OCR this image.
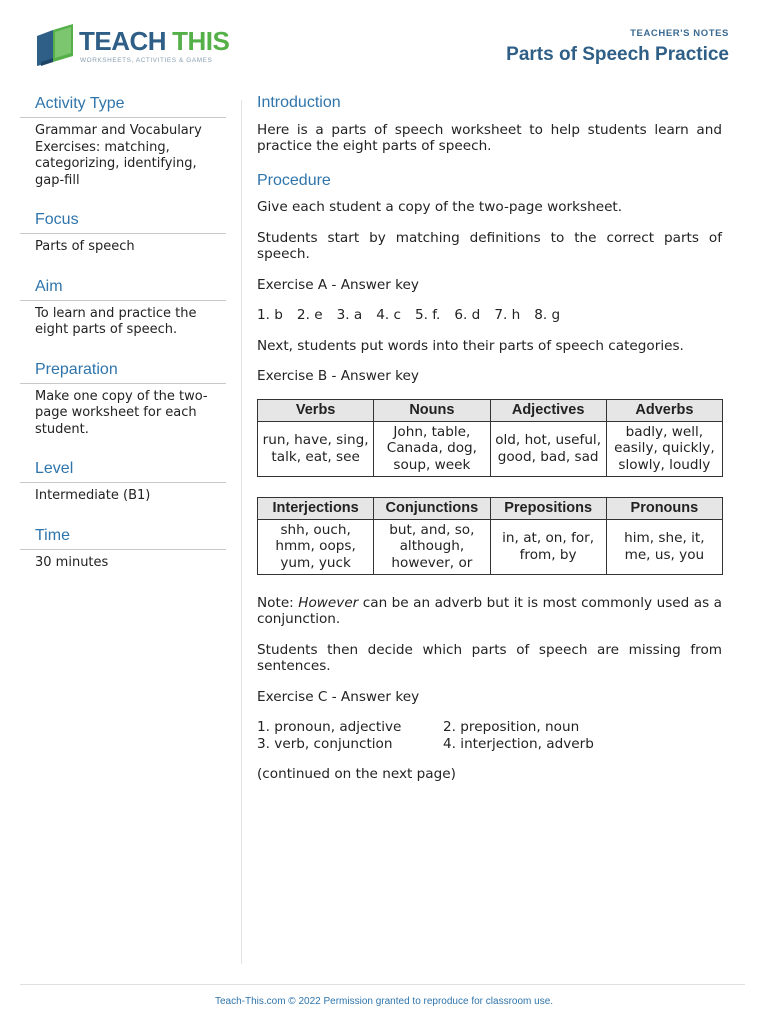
TEACH THIS
WORKSHEETS, ACTIVITIES & GAMES
TEACHER'S NOTES
Parts of Speech Practice
Activity Type
Grammar and Vocabulary Exercises: matching, categorizing, identifying, gap-fill
Focus
Parts of speech
Aim
To learn and practice the eight parts of speech.
Preparation
Make one copy of the two-page worksheet for each student.
Level
Intermediate (B1)
Time
30 minutes
Introduction

Here is a parts of speech worksheet to help students learn and practice the eight parts of speech.

Procedure

Give each student a copy of the two-page worksheet.

Students start by matching definitions to the correct parts of speech.

Exercise A - Answer key

1. b 2. e 3. a 4. c 5. f. 6. d 7. h 8. g

Next, students put words into their parts of speech categories.

Exercise B - Answer key

Verbs	Nouns	Adjectives	Adverbs
run, have, sing, talk, eat, see	John, table, Canada, dog, soup, week	old, hot, useful, good, bad, sad	badly, well, easily, quickly, slowly, loudly
Interjections	Conjunctions	Prepositions	Pronouns
shh, ouch, hmm, oops, yum, yuck	but, and, so, although, however, or	in, at, on, for, from, by	him, she, it, me, us, you

Note: However can be an adverb but it is most commonly used as a conjunction.

Students then decide which parts of speech are missing from sentences.

Exercise C - Answer key

1. pronoun, adjective	2. preposition, noun
3. verb, conjunction	4. interjection, adverb

(continued on the next page)

Teach-This.com © 2022 Permission granted to reproduce for classroom use.
